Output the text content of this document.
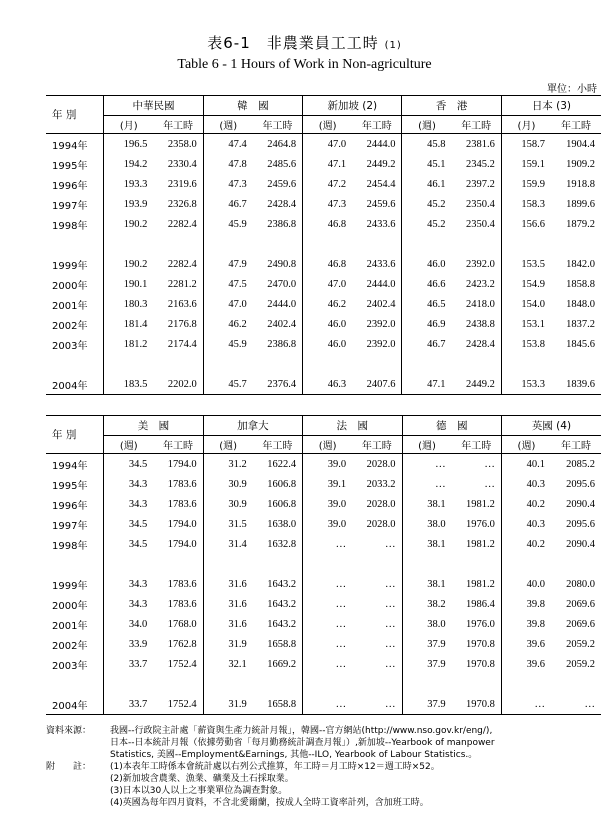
表6-1　非農業員工工時 (1)
Table 6 - 1 Hours of Work in Non-agriculture
單位：小時
年 別	中華民國		韓　國		新加坡 (2)		香　港		日本 (3)	
	(月)	年工時	(週)	年工時	(週)	年工時	(週)	年工時	(月)	年工時
1994年	196.5	2358.0	47.4	2464.8	47.0	2444.0	45.8	2381.6	158.7	1904.4
1995年	194.2	2330.4	47.8	2485.6	47.1	2449.2	45.1	2345.2	159.1	1909.2
1996年	193.3	2319.6	47.3	2459.6	47.2	2454.4	46.1	2397.2	159.9	1918.8
1997年	193.9	2326.8	46.7	2428.4	47.3	2459.6	45.2	2350.4	158.3	1899.6
1998年	190.2	2282.4	45.9	2386.8	46.8	2433.6	45.2	2350.4	156.6	1879.2

1999年	190.2	2282.4	47.9	2490.8	46.8	2433.6	46.0	2392.0	153.5	1842.0
2000年	190.1	2281.2	47.5	2470.0	47.0	2444.0	46.6	2423.2	154.9	1858.8
2001年	180.3	2163.6	47.0	2444.0	46.2	2402.4	46.5	2418.0	154.0	1848.0
2002年	181.4	2176.8	46.2	2402.4	46.0	2392.0	46.9	2438.8	153.1	1837.2
2003年	181.2	2174.4	45.9	2386.8	46.0	2392.0	46.7	2428.4	153.8	1845.6

2004年	183.5	2202.0	45.7	2376.4	46.3	2407.6	47.1	2449.2	153.3	1839.6
年 別	美　國		加拿大		法　國		德　國		英國 (4)	
	(週)	年工時	(週)	年工時	(週)	年工時	(週)	年工時	(週)	年工時
1994年	34.5	1794.0	31.2	1622.4	39.0	2028.0	…	…	40.1	2085.2
1995年	34.3	1783.6	30.9	1606.8	39.1	2033.2	…	…	40.3	2095.6
1996年	34.3	1783.6	30.9	1606.8	39.0	2028.0	38.1	1981.2	40.2	2090.4
1997年	34.5	1794.0	31.5	1638.0	39.0	2028.0	38.0	1976.0	40.3	2095.6
1998年	34.5	1794.0	31.4	1632.8	…	…	38.1	1981.2	40.2	2090.4

1999年	34.3	1783.6	31.6	1643.2	…	…	38.1	1981.2	40.0	2080.0
2000年	34.3	1783.6	31.6	1643.2	…	…	38.2	1986.4	39.8	2069.6
2001年	34.0	1768.0	31.6	1643.2	…	…	38.0	1976.0	39.8	2069.6
2002年	33.9	1762.8	31.9	1658.8	…	…	37.9	1970.8	39.6	2059.2
2003年	33.7	1752.4	32.1	1669.2	…	…	37.9	1970.8	39.6	2059.2

2004年	33.7	1752.4	31.9	1658.8	…	…	37.9	1970.8	…	…
資料來源：	我國--行政院主計處「薪資與生產力統計月報」，韓國--官方網站(http://www.nso.gov.kr/eng/),
日本--日本統計月報（依據勞動省「每月勤務統計調查月報」）,新加坡--Yearbook of manpower
Statistics, 美國--Employment&Earnings, 其他--ILO, Yearbook of Labour Statistics.。
附　　註：	(1)本表年工時係本會統計處以右列公式推算，年工時＝月工時×12＝週工時×52。
(2)新加坡含農業、漁業、礦業及土石採取業。
(3)日本以30人以上之事業單位為調查對象。
(4)英國為每年四月資料，不含北愛爾蘭，按成人全時工資率計列，含加班工時。
